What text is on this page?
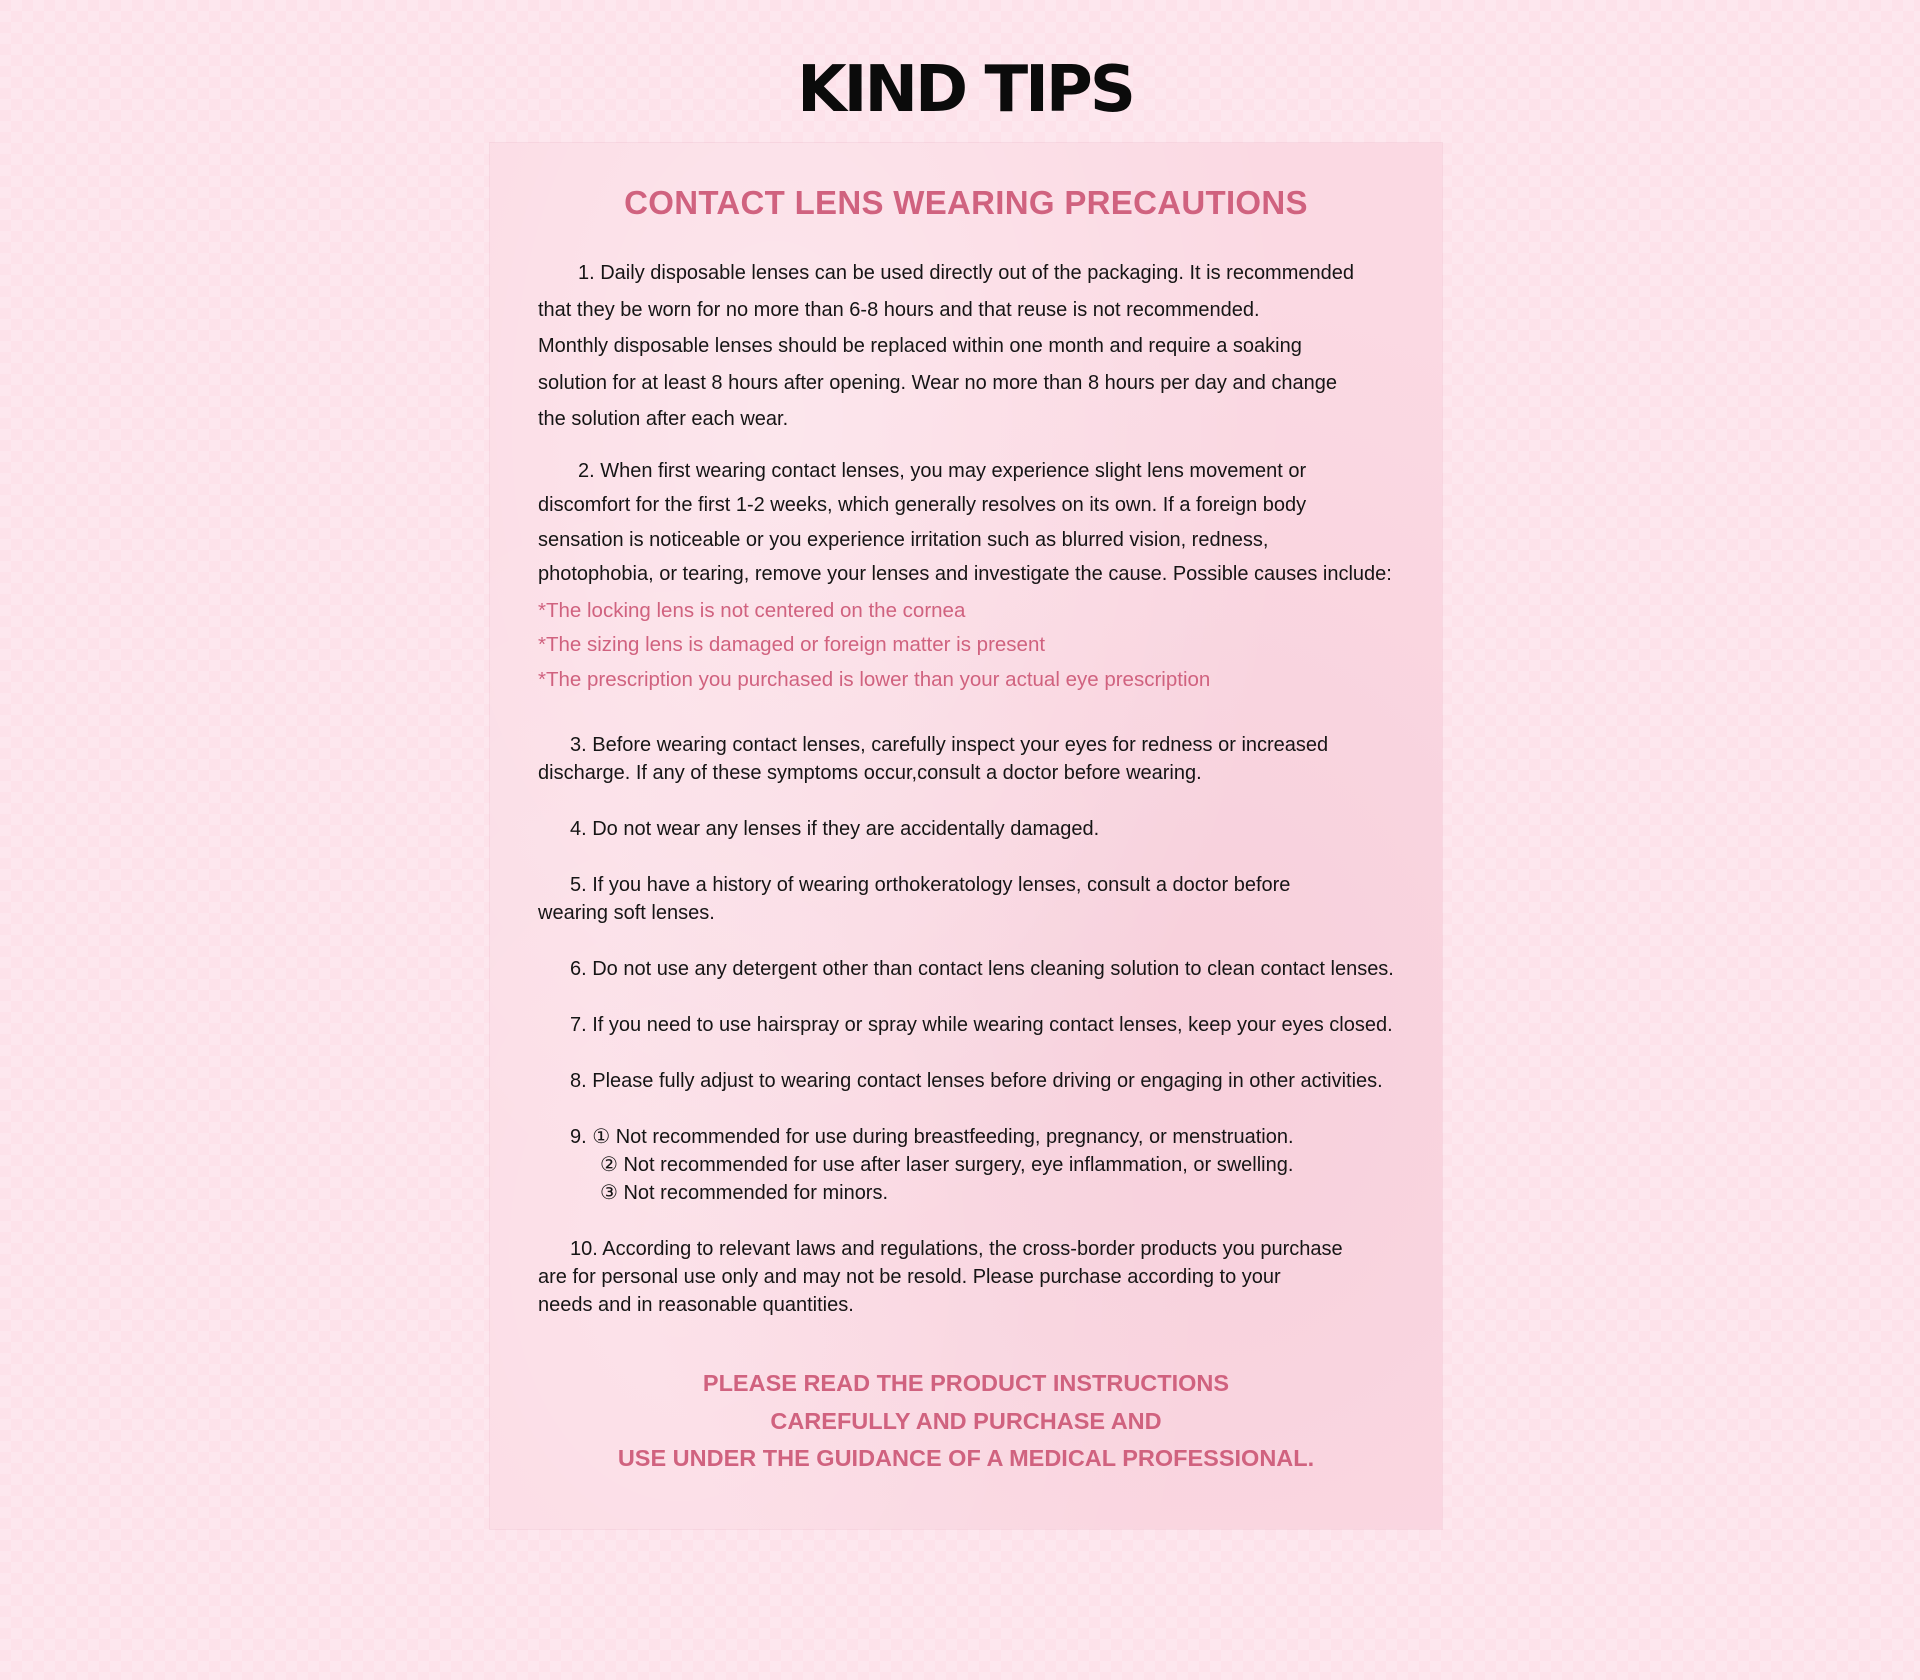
KIND TIPS
CONTACT LENS WEARING PRECAUTIONS
1. Daily disposable lenses can be used directly out of the packaging. It is recommended
that they be worn for no more than 6-8 hours and that reuse is not recommended.
Monthly disposable lenses should be replaced within one month and require a soaking
solution for at least 8 hours after opening. Wear no more than 8 hours per day and change
the solution after each wear.
2. When first wearing contact lenses, you may experience slight lens movement or
discomfort for the first 1-2 weeks, which generally resolves on its own. If a foreign body
sensation is noticeable or you experience irritation such as blurred vision, redness,
photophobia, or tearing, remove your lenses and investigate the cause. Possible causes include:
*The locking lens is not centered on the cornea
*The sizing lens is damaged or foreign matter is present
*The prescription you purchased is lower than your actual eye prescription
3. Before wearing contact lenses, carefully inspect your eyes for redness or increased
discharge. If any of these symptoms occur,consult a doctor before wearing.
4. Do not wear any lenses if they are accidentally damaged.
5. If you have a history of wearing orthokeratology lenses, consult a doctor before
wearing soft lenses.
6. Do not use any detergent other than contact lens cleaning solution to clean contact lenses.
7. If you need to use hairspray or spray while wearing contact lenses, keep your eyes closed.
8. Please fully adjust to wearing contact lenses before driving or engaging in other activities.
9. ① Not recommended for use during breastfeeding, pregnancy, or menstruation.
② Not recommended for use after laser surgery, eye inflammation, or swelling.
③ Not recommended for minors.
10. According to relevant laws and regulations, the cross-border products you purchase
are for personal use only and may not be resold. Please purchase according to your
needs and in reasonable quantities.

PLEASE READ THE PRODUCT INSTRUCTIONS
CAREFULLY AND PURCHASE AND
USE UNDER THE GUIDANCE OF A MEDICAL PROFESSIONAL.
